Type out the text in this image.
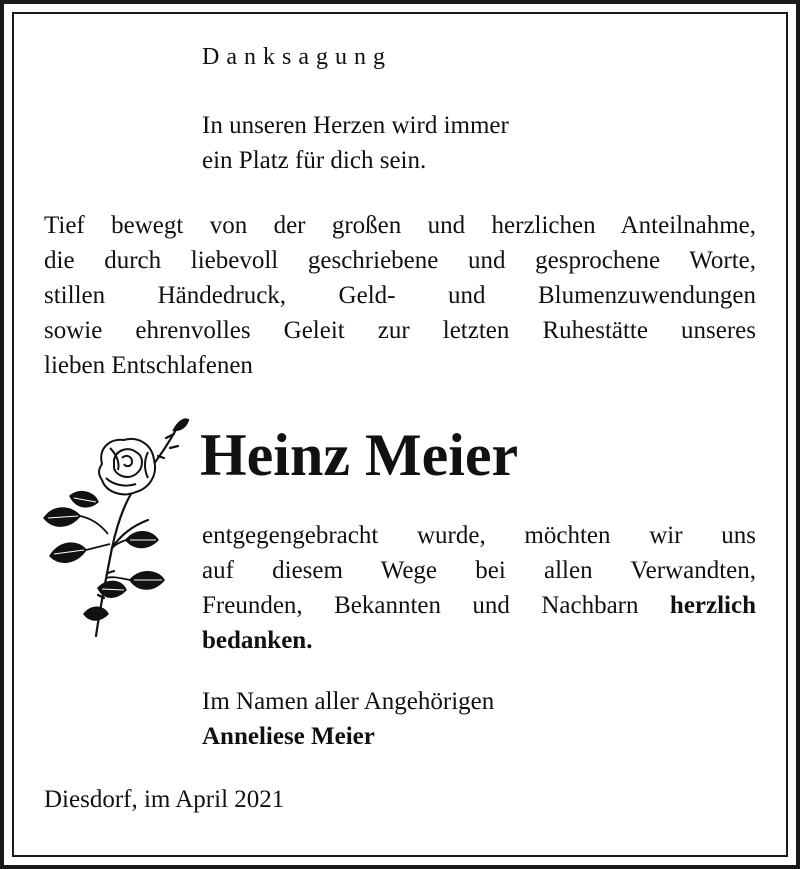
Danksagung
In unseren Herzen wird immer
ein Platz für dich sein.
Tief bewegt von der großen und herzlichen Anteilnahme,
die durch liebevoll geschriebene und gesprochene Worte,
stillen Händedruck, Geld- und Blumenzuwendungen
sowie ehrenvolles Geleit zur letzten Ruhestätte unseres
lieben Entschlafenen
Heinz Meier
entgegengebracht wurde, möchten wir uns
auf diesem Wege bei allen Verwandten,
Freunden, Bekannten und Nachbarn herzlich
bedanken.
Im Namen aller Angehörigen
Anneliese Meier
Diesdorf, im April 2021
